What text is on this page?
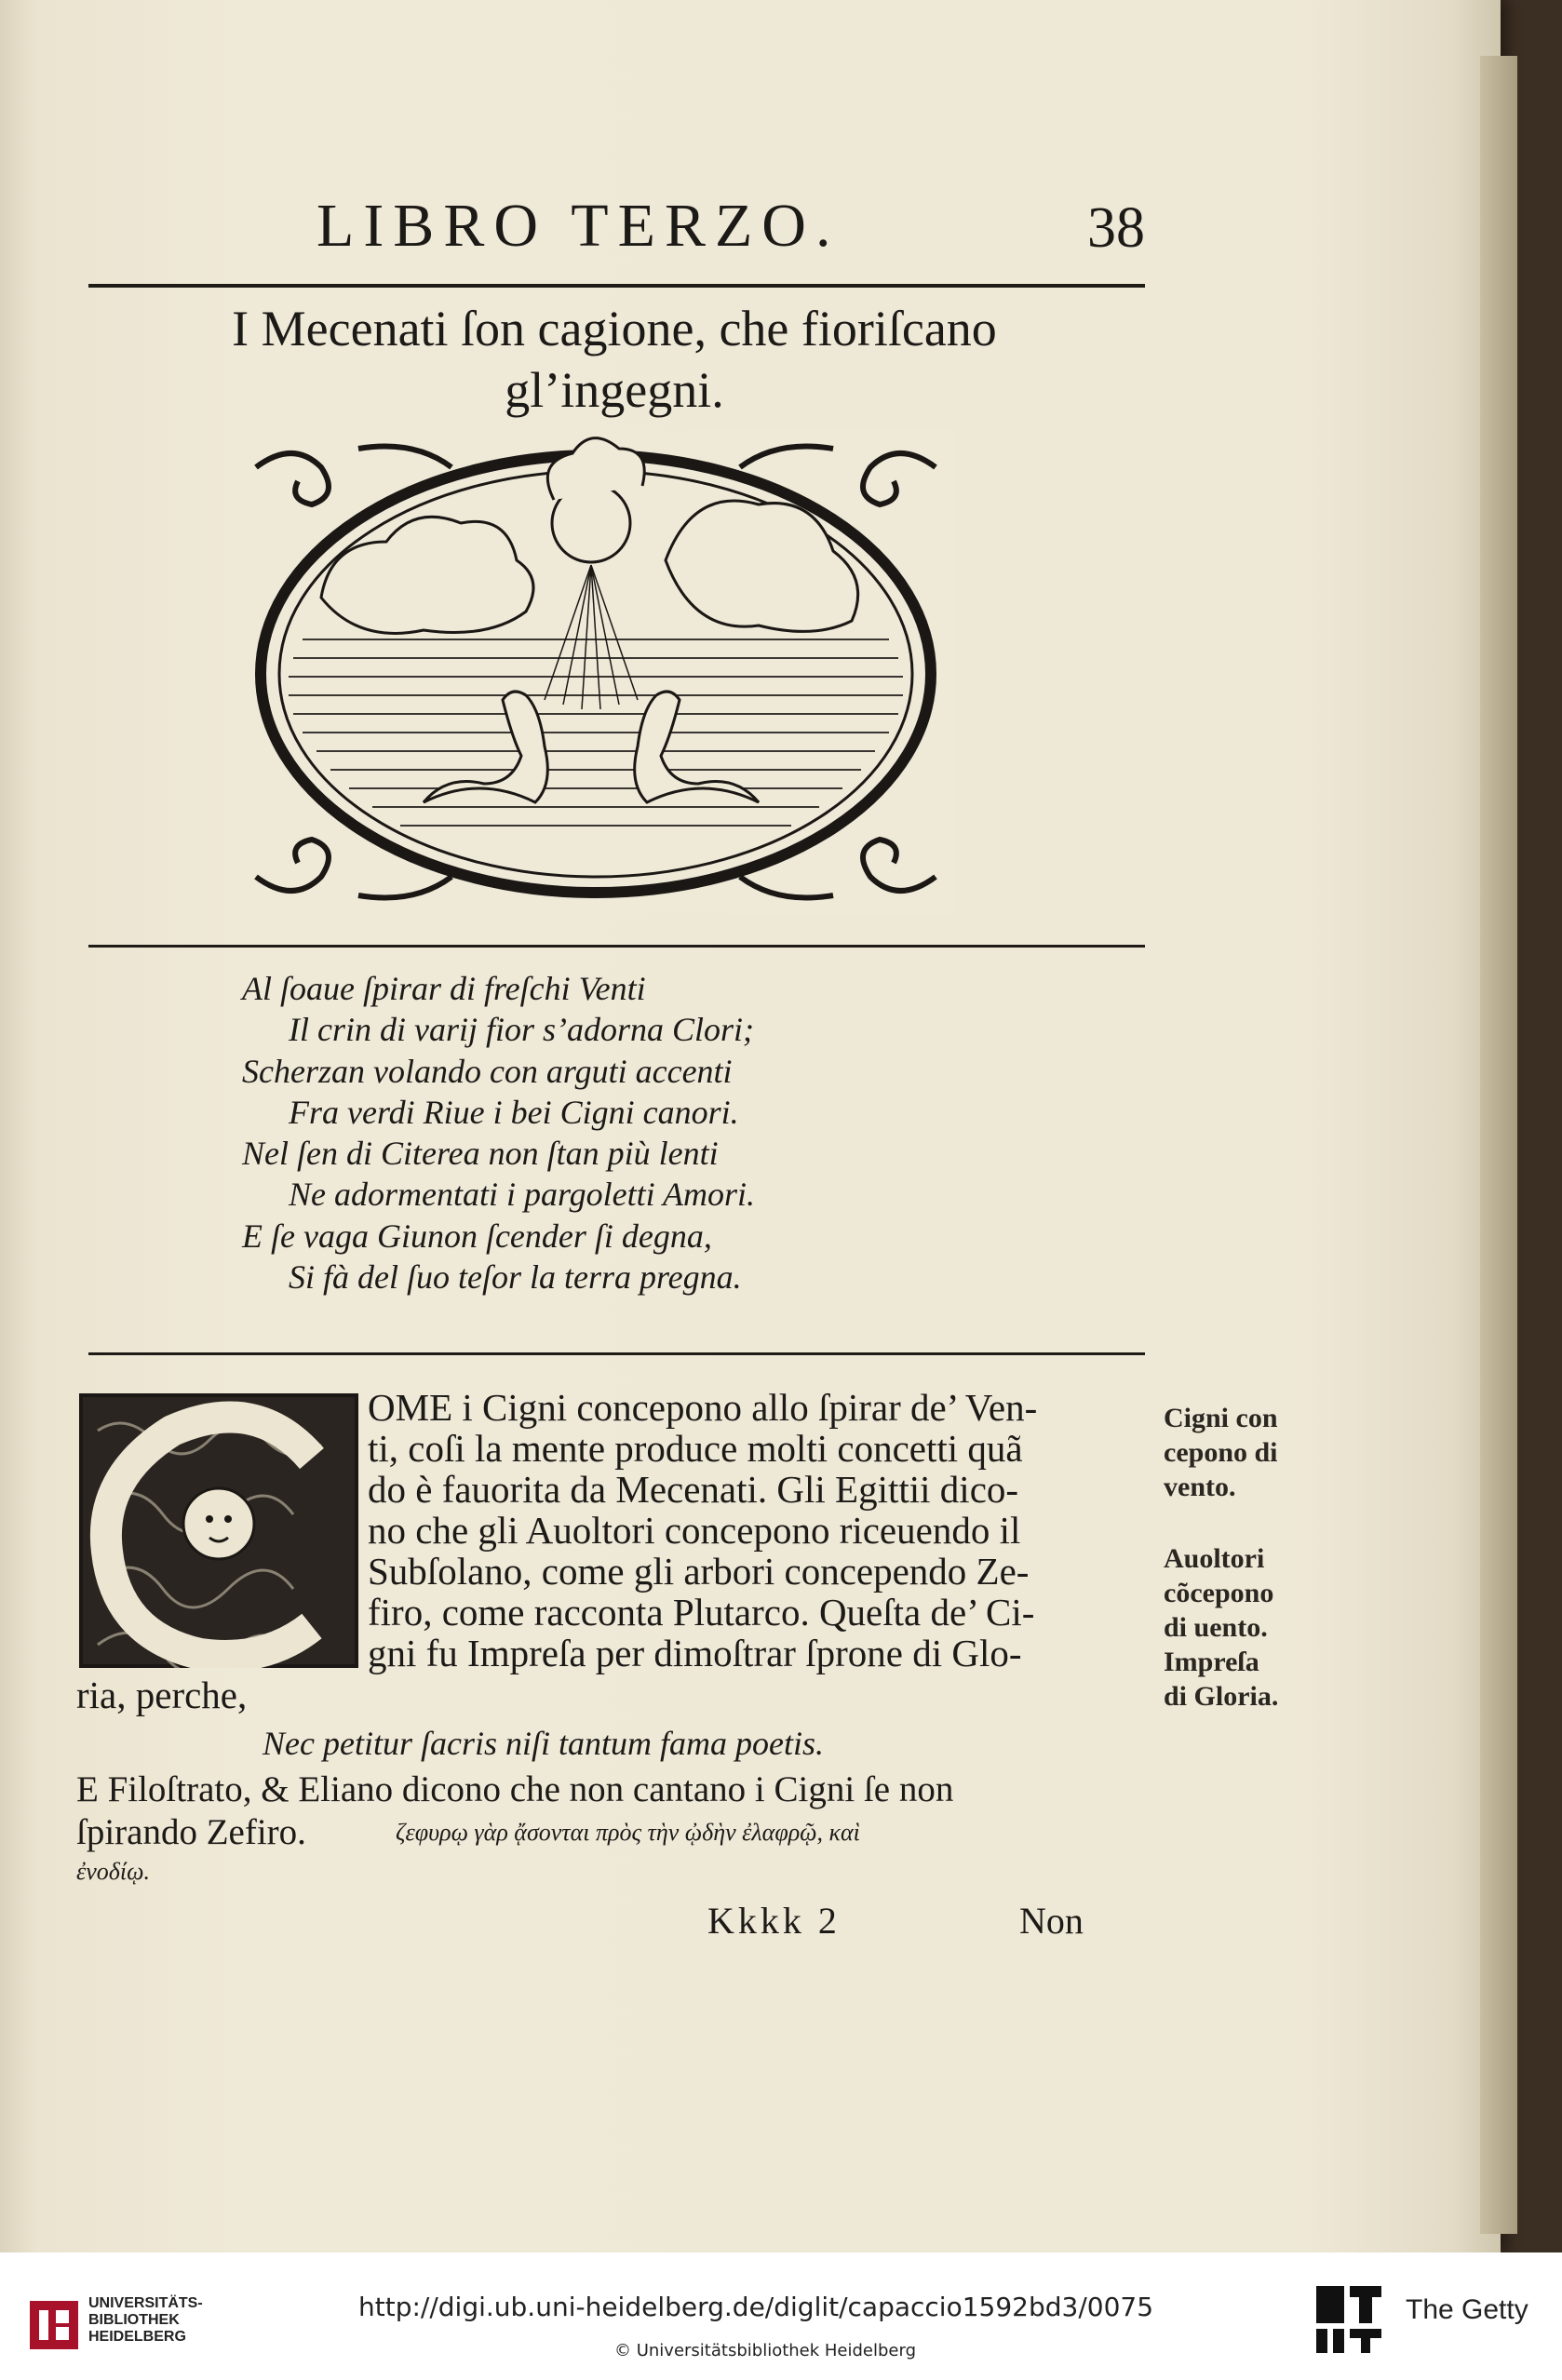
LIBRO TERZO.	38
I Mecenati ſon cagione, che fioriſcano
gl’ingegni.
Al ſoaue ſpirar di freſchi Venti
Il crin di varij fior s’adorna Clori;
Scherzan volando con arguti accenti
Fra verdi Riue i bei Cigni canori.
Nel ſen di Citerea non ſtan più lenti
Ne adormentati i pargoletti Amori.
E ſe vaga Giunon ſcender ſi degna,
Si fà del ſuo teſor la terra pregna.
OME i Cigni concepono allo ſpirar de’ Ven-
ti, coſi la mente produce molti concetti quã
do è fauorita da Mecenati. Gli Egittii dico-
no che gli Auoltori concepono riceuendo il
Subſolano, come gli arbori concependo Ze-
firo, come racconta Plutarco. Queſta de’ Ci-
gni fu Impreſa per dimoſtrar ſprone di Glo-
ria, perche,
Nec petitur ſacris niſi tantum fama poetis.
E Filoſtrato, & Eliano dicono che non cantano i Cigni ſe non
ſpirando Zefiro.	ζεφυρῳ γὰρ ᾄσονται πρὸς τὴν ᾠδὴν ἐλαφρῷ, καὶ
ἐνοδίῳ.
Cigni con
cepono di
vento.
Auoltori
cõcepono
di uento.
Impreſa
di Gloria.
Kkkk 2	Non
UNIVERSITÄTS-
BIBLIOTHEK
HEIDELBERG
http://digi.ub.uni-heidelberg.de/diglit/capaccio1592bd3/0075
© Universitätsbibliothek Heidelberg
The Getty
